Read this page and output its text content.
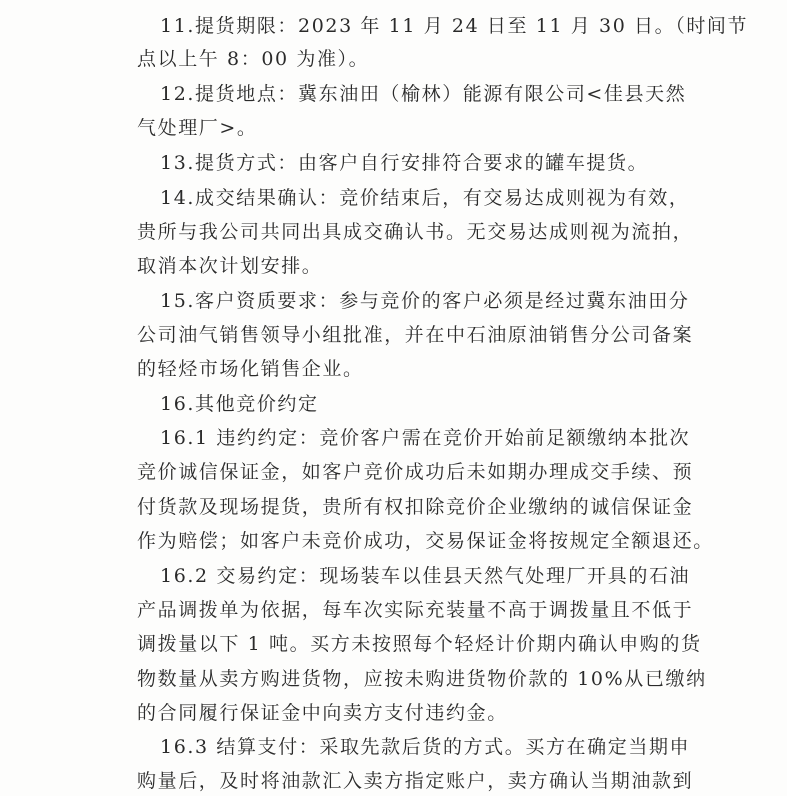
11.提货期限：2023 年 11 月 24 日至 11 月 30 日。（时间节
点以上午 8：00 为准）。
12.提货地点：冀东油田（榆林）能源有限公司<佳县天然
气处理厂>。
13.提货方式：由客户自行安排符合要求的罐车提货。
14.成交结果确认：竞价结束后，有交易达成则视为有效，
贵所与我公司共同出具成交确认书。无交易达成则视为流拍，
取消本次计划安排。
15.客户资质要求：参与竞价的客户必须是经过冀东油田分
公司油气销售领导小组批准，并在中石油原油销售分公司备案
的轻烃市场化销售企业。
16.其他竞价约定
16.1 违约约定：竞价客户需在竞价开始前足额缴纳本批次
竞价诚信保证金，如客户竞价成功后未如期办理成交手续、预
付货款及现场提货，贵所有权扣除竞价企业缴纳的诚信保证金
作为赔偿；如客户未竞价成功，交易保证金将按规定全额退还。
16.2 交易约定：现场装车以佳县天然气处理厂开具的石油
产品调拨单为依据，每车次实际充装量不高于调拨量且不低于
调拨量以下 1 吨。买方未按照每个轻烃计价期内确认申购的货
物数量从卖方购进货物，应按未购进货物价款的 10%从已缴纳
的合同履行保证金中向卖方支付违约金。
16.3 结算支付：采取先款后货的方式。买方在确定当期申
购量后，及时将油款汇入卖方指定账户，卖方确认当期油款到
